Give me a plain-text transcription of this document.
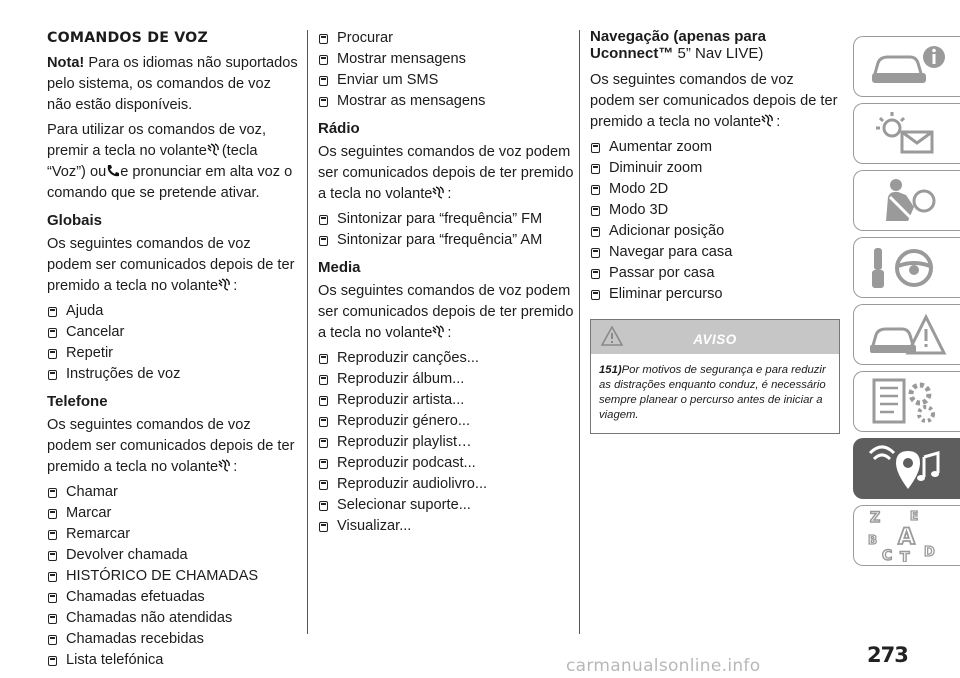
COMANDOS DE VOZ

Nota! Para os idiomas não suportados pelo sistema, os comandos de voz não estão disponíveis.

Para utilizar os comandos de voz, premir a tecla no volante (tecla “Voz”) ou e pronunciar em alta voz o comando que se pretende ativar.

Globais

Os seguintes comandos de voz podem ser comunicados depois de ter premido a tecla no volante :

Ajuda
Cancelar
Repetir
Instruções de voz
Telefone

Os seguintes comandos de voz podem ser comunicados depois de ter premido a tecla no volante :

Chamar
Marcar
Remarcar
Devolver chamada
HISTÓRICO DE CHAMADAS
Chamadas efetuadas
Chamadas não atendidas
Chamadas recebidas
Lista telefónica
Procurar
Mostrar mensagens
Enviar um SMS
Mostrar as mensagens
Rádio

Os seguintes comandos de voz podem ser comunicados depois de ter premido a tecla no volante :

Sintonizar para “frequência” FM
Sintonizar para “frequência” AM
Media

Os seguintes comandos de voz podem ser comunicados depois de ter premido a tecla no volante :

Reproduzir canções...
Reproduzir álbum...
Reproduzir artista...
Reproduzir género...
Reproduzir playlist…
Reproduzir podcast...
Reproduzir audiolivro...
Selecionar suporte...
Visualizar...
Navegação (apenas para Uconnect™ 5” Nav LIVE)

Os seguintes comandos de voz podem ser comunicados depois de ter premido a tecla no volante :

Aumentar zoom
Diminuir zoom
Modo 2D
Modo 3D
Adicionar posição
Navegar para casa
Passar por casa
Eliminar percurso
AVISO
151)Por motivos de segurança e para reduzir as distrações enquanto conduz, é necessário sempre planear o percurso antes de iniciar a viagem.
Z E
B A
C T D
273
carmanualsonline.info
